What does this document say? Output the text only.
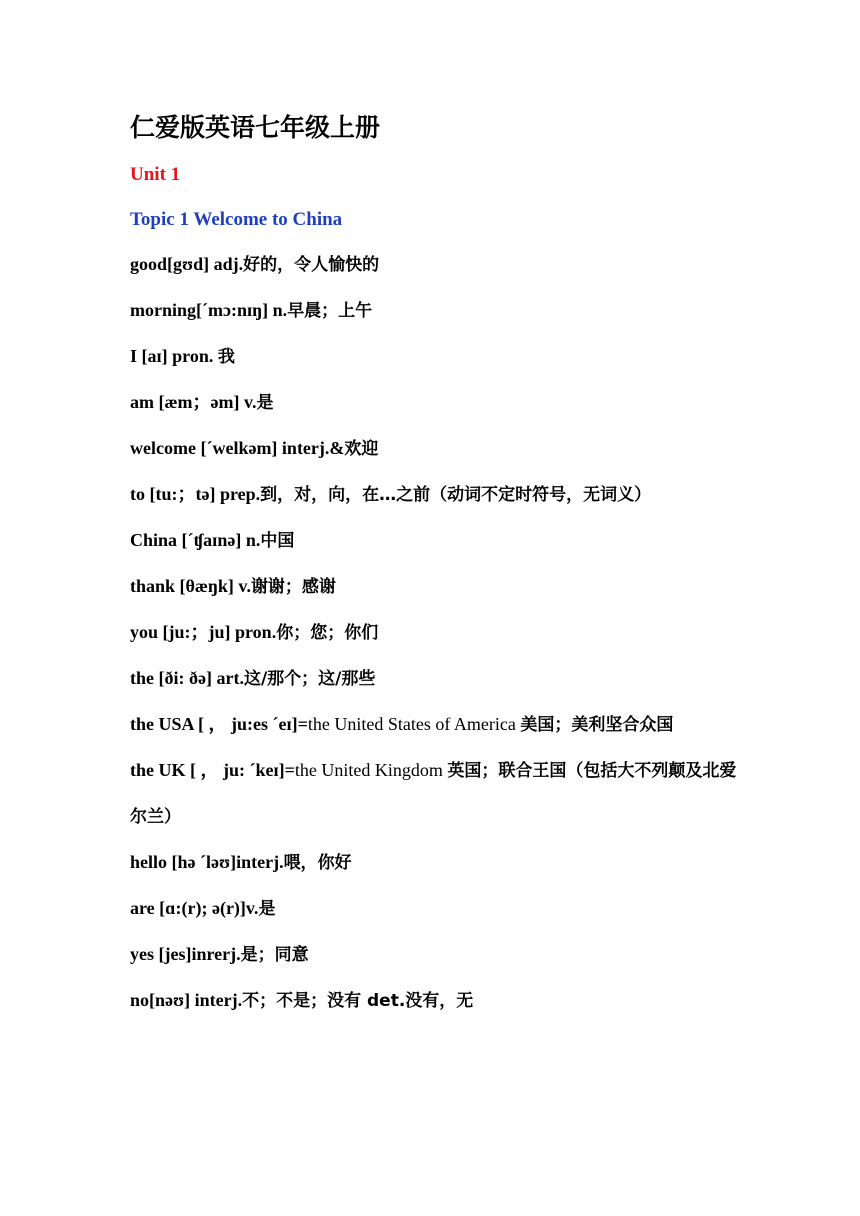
仁爱版英语七年级上册

Unit 1

Topic 1 Welcome to China

good[gʊd] adj.好的，令人愉快的
morning[´mɔ:nɪŋ] n.早晨；上午
I [aɪ] pron. 我
am [æm；əm] v.是
welcome [´welkəm] interj.&欢迎
to [tu:；tə] prep.到，对，向，在…之前（动词不定时符号，无词义）
China [´ʧaɪnə] n.中国
thank [θæŋk] v.谢谢；感谢
you [ju:；ju] pron.你；您；你们
the [ði: ðə] art.这/那个；这/那些
the USA [ ， ju:es ´eɪ]=the United States of America 美国；美利坚合众国
the UK [ ， ju: ´keɪ]=the United Kingdom 英国；联合王国（包括大不列颠及北爱尔兰）
hello [hə ´ləʊ]interj.喂，你好
are [ɑ:(r); ə(r)]v.是
yes [jes]inrerj.是；同意
no[nəʊ] interj.不；不是；没有 det.没有，无
